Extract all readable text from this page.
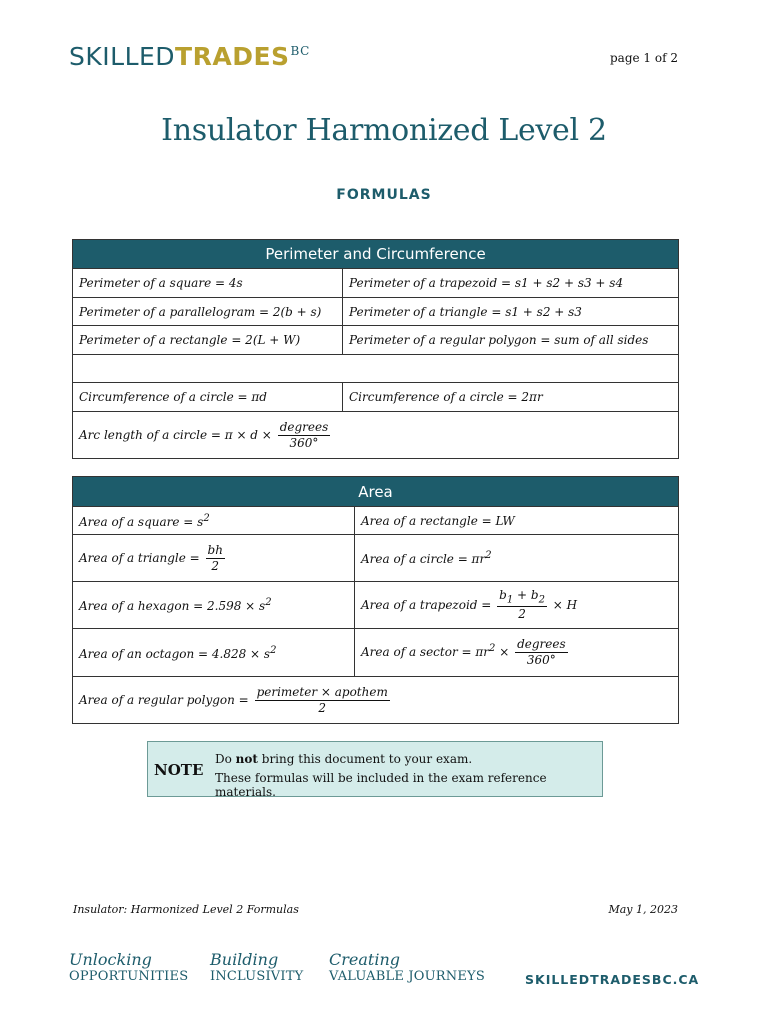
$SKILLEDTRADES^{BC}$	page 1 of 2
Insulator Harmonized Level 2
FORMULAS
Perimeter and Circumference	
Perimeter of a square = 4s	Perimeter of a trapezoid = s1 + s2 + s3 + s4
Perimeter of a parallelogram = 2(b + s)	Perimeter of a triangle = s1 + s2 + s3
Perimeter of a rectangle = 2(L + W)	Perimeter of a regular polygon = sum of all sides

Circumference of a circle = πd	Circumference of a circle = 2πr
Arc length of a circle = $\pi \times d \times \frac{\text{degrees}}{360^\circ}$
Area	
Area of a square = $s^2$	Area of a rectangle = LW
Area of a triangle = $\frac{bh}{2}$	Area of a circle = $\pi r^2$
Area of a hexagon = $2.598 \times s^2$	Area of a trapezoid = $\frac{b_1 + b_2}{2} \times H$
Area of an octagon = $4.828 \times s^2$	Area of a sector = $\pi r^2 \times \frac{\text{degrees}}{360^\circ}$

Area of a regular polygon = $\frac{\text{perimeter × apothem}}{2}$
NOTE
Do not bring this document to your exam.
These formulas will be included in the exam reference materials.
Insulator: Harmonized Level 2 Formulas	May 1, 2023
Unlocking
OPPORTUNITIES
Building
INCLUSIVITY
Creating
VALUABLE JOURNEYS	SKILLEDTRADESBC.CA
